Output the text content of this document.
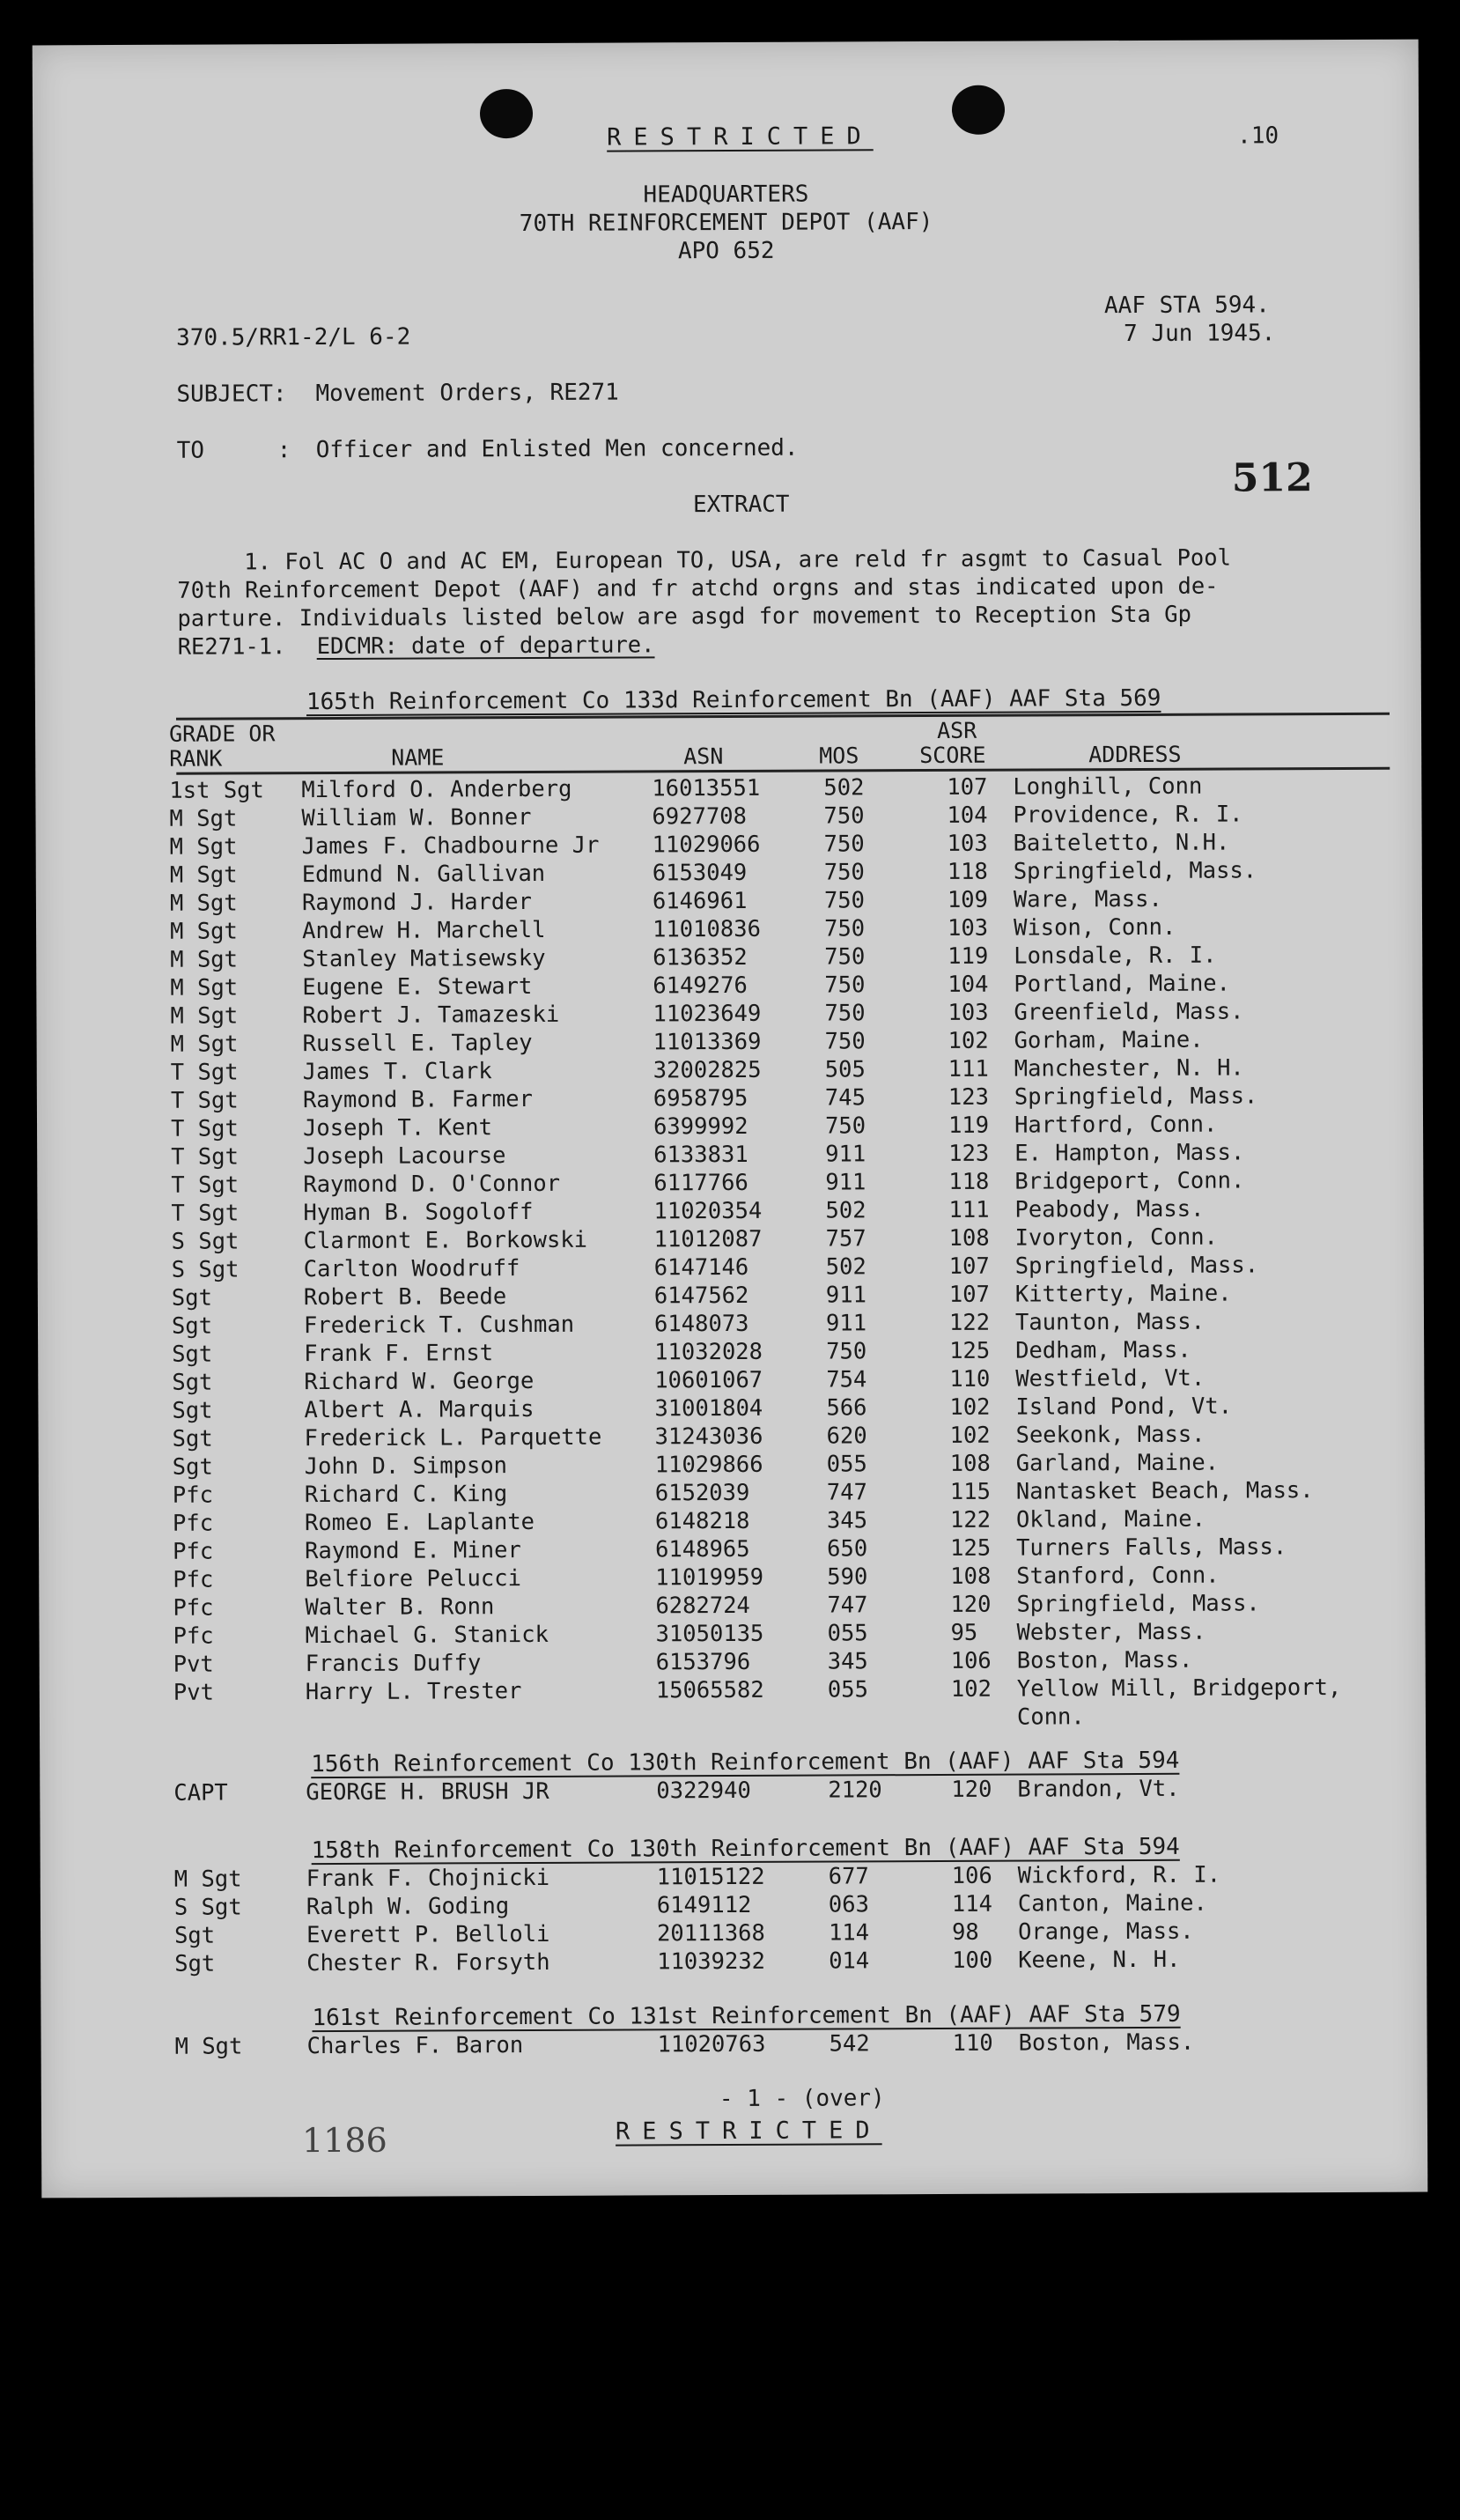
RESTRICTED	.10
HEADQUARTERS
70TH REINFORCEMENT DEPOT (AAF)
APO 652
AAF STA 594.
370.5/RR1-2/L 6-2	7 Jun 1945.
SUBJECT: Movement Orders, RE271
TO	: Officer and Enlisted Men concerned.
512
EXTRACT
1. Fol AC O and AC EM, European TO, USA, are reld fr asgmt to Casual Pool
70th Reinforcement Depot (AAF) and fr atchd orgns and stas indicated upon de-
parture. Individuals listed below are asgd for movement to Reception Sta Gp
RE271-1. EDCMR: date of departure.
165th Reinforcement Co 133d Reinforcement Bn (AAF) AAF Sta 569
GRADE OR
RANK	NAME	ASN	MOS
ASR
SCORE	ADDRESS
1st Sgt Milford O. Anderberg	16013551	502	107 Longhill, Conn
M Sgt	William W. Bonner	6927708	750	104 Providence, R. I.
M Sgt	James F. Chadbourne Jr 11029066	750	103 Baiteletto, N.H.
M Sgt	Edmund N. Gallivan	6153049	750	118 Springfield, Mass.
M Sgt	Raymond J. Harder	6146961	750	109 Ware, Mass.
M Sgt	Andrew H. Marchell	11010836	750	103 Wison, Conn.
M Sgt	Stanley Matisewsky	6136352	750	119 Lonsdale, R. I.
M Sgt	Eugene E. Stewart	6149276	750	104 Portland, Maine.
M Sgt	Robert J. Tamazeski	11023649	750	103 Greenfield, Mass.
M Sgt	Russell E. Tapley	11013369	750	102 Gorham, Maine.
T Sgt	James T. Clark	32002825	505	111 Manchester, N. H.
T Sgt	Raymond B. Farmer	6958795	745	123 Springfield, Mass.
T Sgt	Joseph T. Kent	6399992	750	119 Hartford, Conn.
T Sgt	Joseph Lacourse	6133831	911	123 E. Hampton, Mass.
T Sgt	Raymond D. O'Connor	6117766	911	118 Bridgeport, Conn.
T Sgt	Hyman B. Sogoloff	11020354	502	111 Peabody, Mass.
S Sgt	Clarmont E. Borkowski	11012087	757	108 Ivoryton, Conn.
S Sgt	Carlton Woodruff	6147146	502	107 Springfield, Mass.
Sgt	Robert B. Beede	6147562	911	107 Kitterty, Maine.
Sgt	Frederick T. Cushman	6148073	911	122 Taunton, Mass.
Sgt	Frank F. Ernst	11032028	750	125 Dedham, Mass.
Sgt	Richard W. George	10601067	754	110 Westfield, Vt.
Sgt	Albert A. Marquis	31001804	566	102 Island Pond, Vt.
Sgt	Frederick L. Parquette 31243036	620	102 Seekonk, Mass.
Sgt	John D. Simpson	11029866	055	108 Garland, Maine.
Pfc	Richard C. King	6152039	747	115 Nantasket Beach, Mass.
Pfc	Romeo E. Laplante	6148218	345	122 Okland, Maine.
Pfc	Raymond E. Miner	6148965	650	125 Turners Falls, Mass.
Pfc	Belfiore Pelucci	11019959	590	108 Stanford, Conn.
Pfc	Walter B. Ronn	6282724	747	120 Springfield, Mass.
Pfc	Michael G. Stanick	31050135	055	95 Webster, Mass.
Pvt	Francis Duffy	6153796	345	106 Boston, Mass.
Pvt	Harry L. Trester	15065582	055	102 Yellow Mill, Bridgeport,
Conn.
156th Reinforcement Co 130th Reinforcement Bn (AAF) AAF Sta 594
CAPT	GEORGE H. BRUSH JR	0322940	2120	120 Brandon, Vt.
158th Reinforcement Co 130th Reinforcement Bn (AAF) AAF Sta 594
M Sgt	Frank F. Chojnicki	11015122	677	106 Wickford, R. I.
S Sgt	Ralph W. Goding	6149112	063	114 Canton, Maine.
Sgt	Everett P. Belloli	20111368	114	98 Orange, Mass.
Sgt	Chester R. Forsyth	11039232	014	100 Keene, N. H.
161st Reinforcement Co 131st Reinforcement Bn (AAF) AAF Sta 579
M Sgt	Charles F. Baron	11020763	542	110 Boston, Mass.
- 1 - (over)
RESTRICTED
1186
